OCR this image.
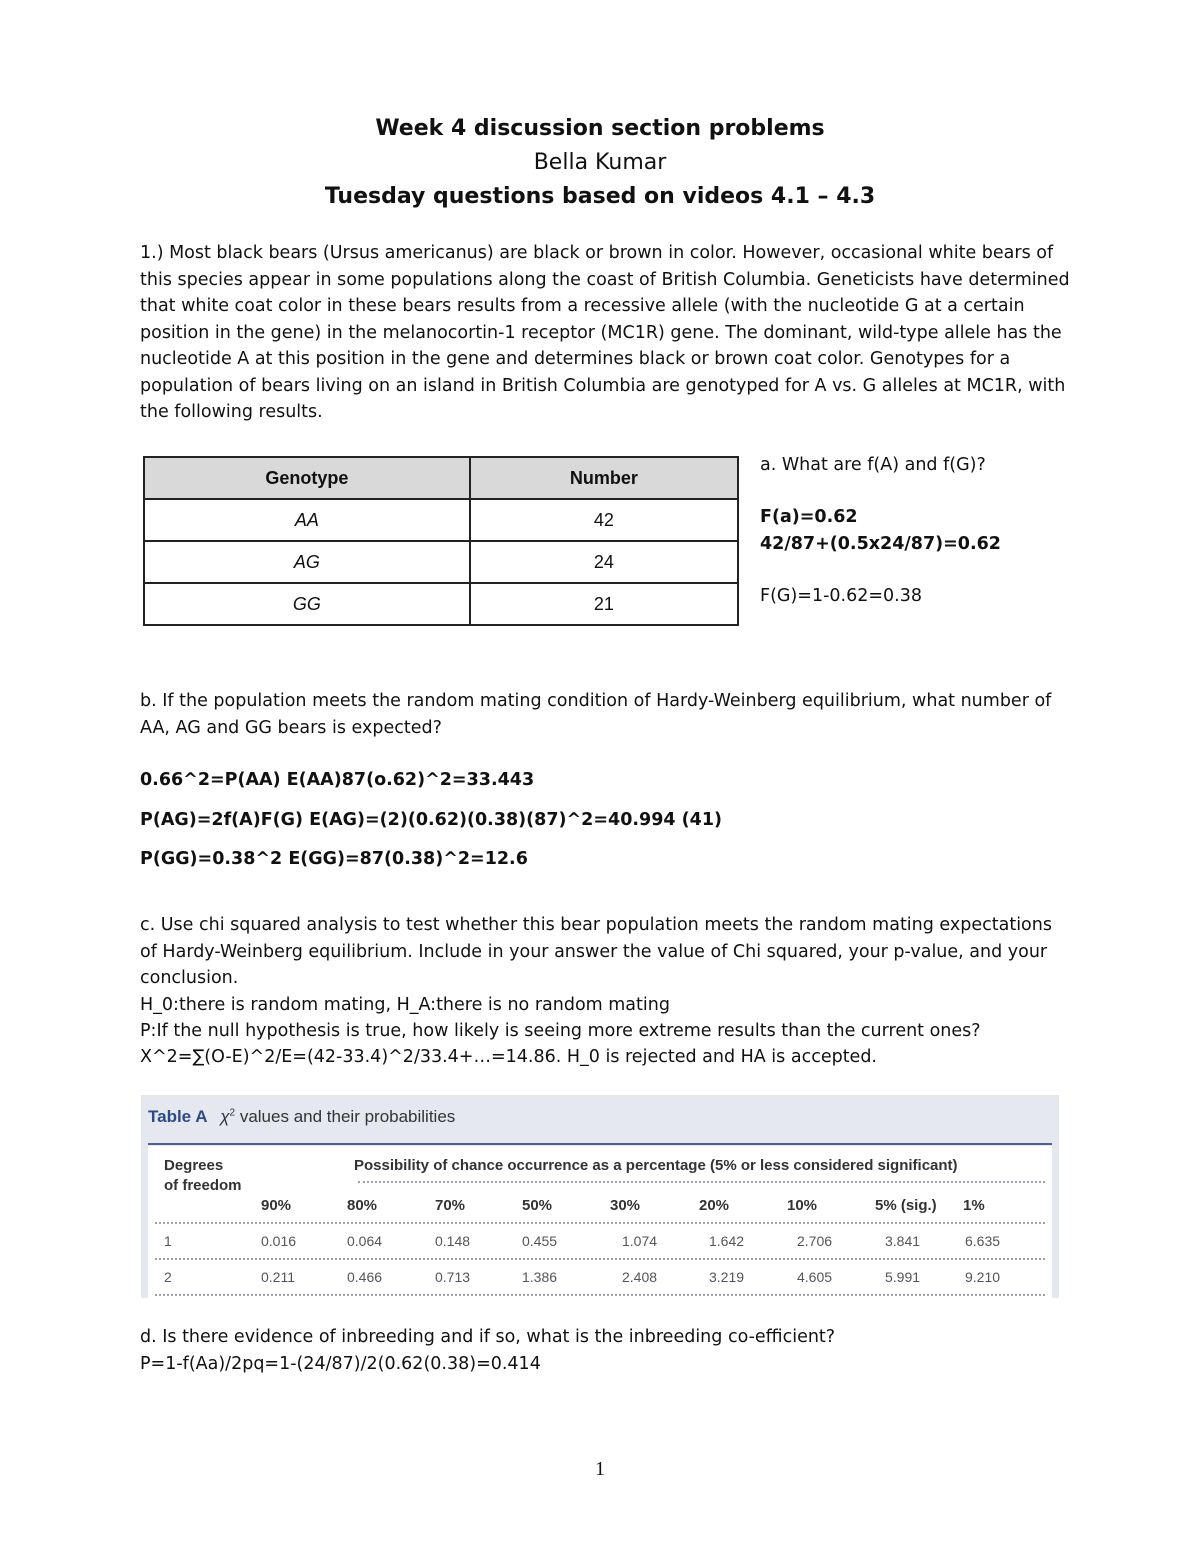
Week 4 discussion section problems
Bella Kumar
Tuesday questions based on videos 4.1 – 4.3
1.) Most black bears (Ursus americanus) are black or brown in color. However, occasional white bears of this species appear in some populations along the coast of British Columbia. Geneticists have determined that white coat color in these bears results from a recessive allele (with the nucleotide G at a certain position in the gene) in the melanocortin-1 receptor (MC1R) gene. The dominant, wild-type allele has the nucleotide A at this position in the gene and determines black or brown coat color. Genotypes for a population of bears living on an island in British Columbia are genotyped for A vs. G alleles at MC1R, with the following results.
Genotype	Number
AA	42
AG	24
GG	21
a. What are f(A) and f(G)?
F(a)=0.62
42/87+(0.5x24/87)=0.62
F(G)=1-0.62=0.38
b. If the population meets the random mating condition of Hardy-Weinberg equilibrium, what number of AA, AG and GG bears is expected?
0.66^2=P(AA) E(AA)87(o.62)^2=33.443
P(AG)=2f(A)F(G) E(AG)=(2)(0.62)(0.38)(87)^2=40.994 (41)
P(GG)=0.38^2 E(GG)=87(0.38)^2=12.6
c. Use chi squared analysis to test whether this bear population meets the random mating expectations of Hardy-Weinberg equilibrium. Include in your answer the value of Chi squared, your p-value, and your conclusion.
H_0:there is random mating, H_A:there is no random mating
P:If the null hypothesis is true, how likely is seeing more extreme results than the current ones?
X^2=∑(O-E)^2/E=(42-33.4)^2/33.4+…=14.86. H_0 is rejected and HA is accepted.
Table A $\chi^2$ values and their probabilities
Degrees
of freedom
Possibility of chance occurrence as a percentage (5% or less considered significant)
90%	80%	70%	50%	30%	20%	10%	5% (sig.) 1%
1	0.016	0.064	0.148	0.455	1.074	1.642	2.706	3.841	6.635
2	0.211	0.466	0.713	1.386	2.408	3.219	4.605	5.991	9.210
d. Is there evidence of inbreeding and if so, what is the inbreeding co-efficient?
P=1-f(Aa)/2pq=1-(24/87)/2(0.62(0.38)=0.414
1
